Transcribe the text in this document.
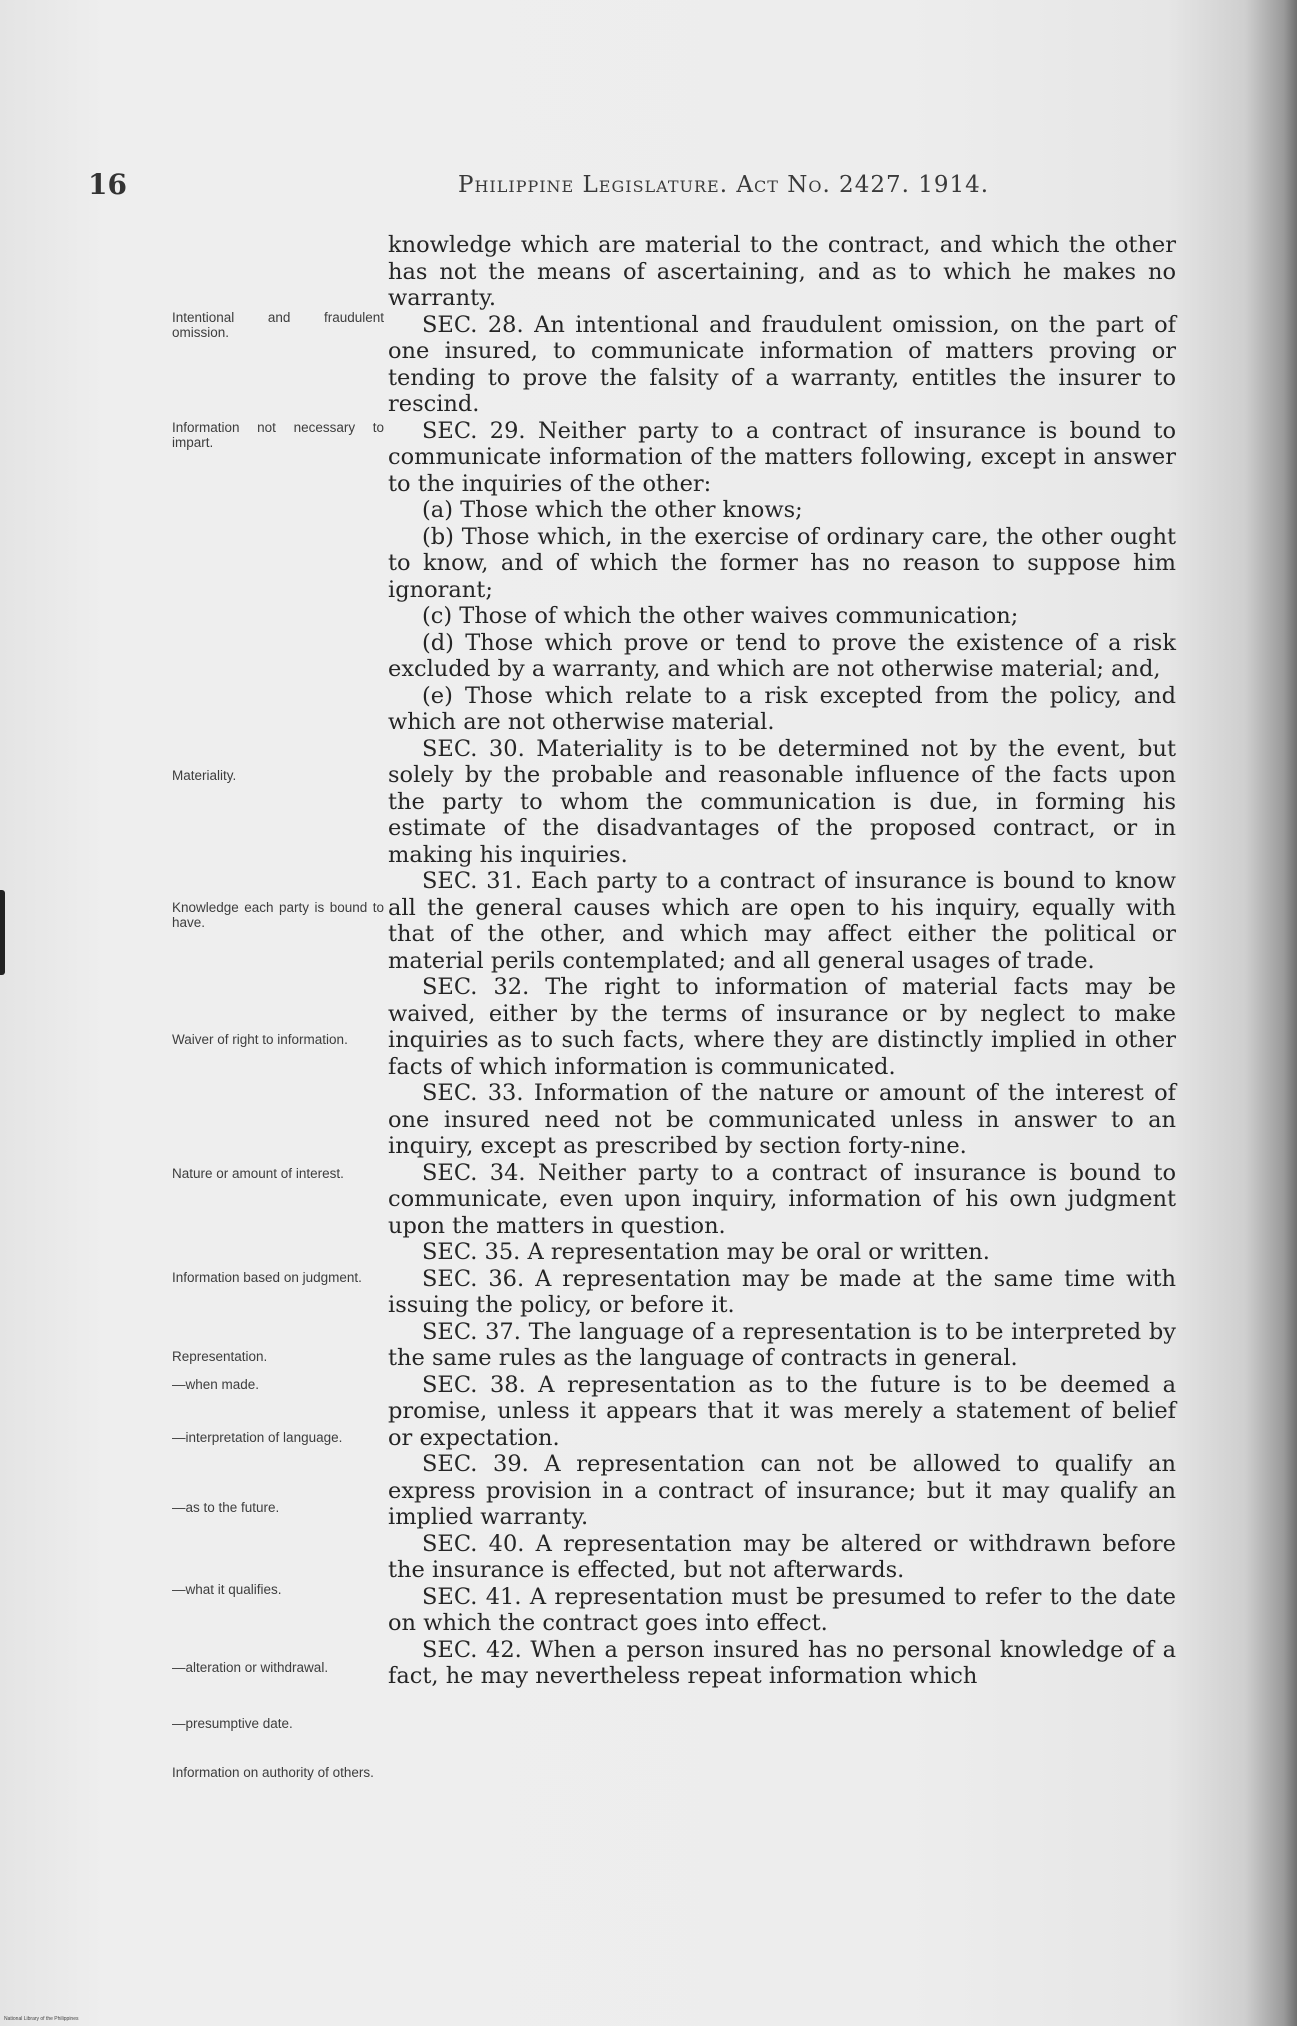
16	Philippine Legislature. Act No. 2427. 1914.
Intentional and fraudulent omission.
Information not necessary to impart.
Materiality.
Knowledge each party is bound to have.
Waiver of right to information.
Nature or amount of interest.
Information based on judgment.
Representation.
—when made.
—interpretation of language.
—as to the future.
—what it qualifies.
—alteration or withdrawal.
—presumptive date.
Information on authority of others.

knowledge which are material to the contract, and which the other has not the means of ascertaining, and as to which he makes no warranty.

SEC. 28. An intentional and fraudulent omission, on the part of one insured, to communicate information of matters proving or tending to prove the falsity of a warranty, entitles the insurer to rescind.

SEC. 29. Neither party to a contract of insurance is bound to communicate information of the matters following, except in answer to the inquiries of the other:

(a) Those which the other knows;

(b) Those which, in the exercise of ordinary care, the other ought to know, and of which the former has no reason to suppose him ignorant;

(c) Those of which the other waives communication;

(d) Those which prove or tend to prove the existence of a risk excluded by a warranty, and which are not otherwise material; and,

(e) Those which relate to a risk excepted from the policy, and which are not otherwise material.

SEC. 30. Materiality is to be determined not by the event, but solely by the probable and reasonable influence of the facts upon the party to whom the communication is due, in forming his estimate of the disadvantages of the proposed contract, or in making his inquiries.

SEC. 31. Each party to a contract of insurance is bound to know all the general causes which are open to his inquiry, equally with that of the other, and which may affect either the political or material perils contemplated; and all general usages of trade.

SEC. 32. The right to information of material facts may be waived, either by the terms of insurance or by neglect to make inquiries as to such facts, where they are distinctly implied in other facts of which information is communicated.

SEC. 33. Information of the nature or amount of the interest of one insured need not be communicated unless in answer to an inquiry, except as prescribed by section forty-nine.

SEC. 34. Neither party to a contract of insurance is bound to communicate, even upon inquiry, information of his own judgment upon the matters in question.

SEC. 35. A representation may be oral or written.

SEC. 36. A representation may be made at the same time with issuing the policy, or before it.

SEC. 37. The language of a representation is to be interpreted by the same rules as the language of contracts in general.

SEC. 38. A representation as to the future is to be deemed a promise, unless it appears that it was merely a statement of belief or expectation.

SEC. 39. A representation can not be allowed to qualify an express provision in a contract of insurance; but it may qualify an implied warranty.

SEC. 40. A representation may be altered or withdrawn before the insurance is effected, but not afterwards.

SEC. 41. A representation must be presumed to refer to the date on which the contract goes into effect.

SEC. 42. When a person insured has no personal knowledge of a fact, he may nevertheless repeat information which

National Library of the Philippines
